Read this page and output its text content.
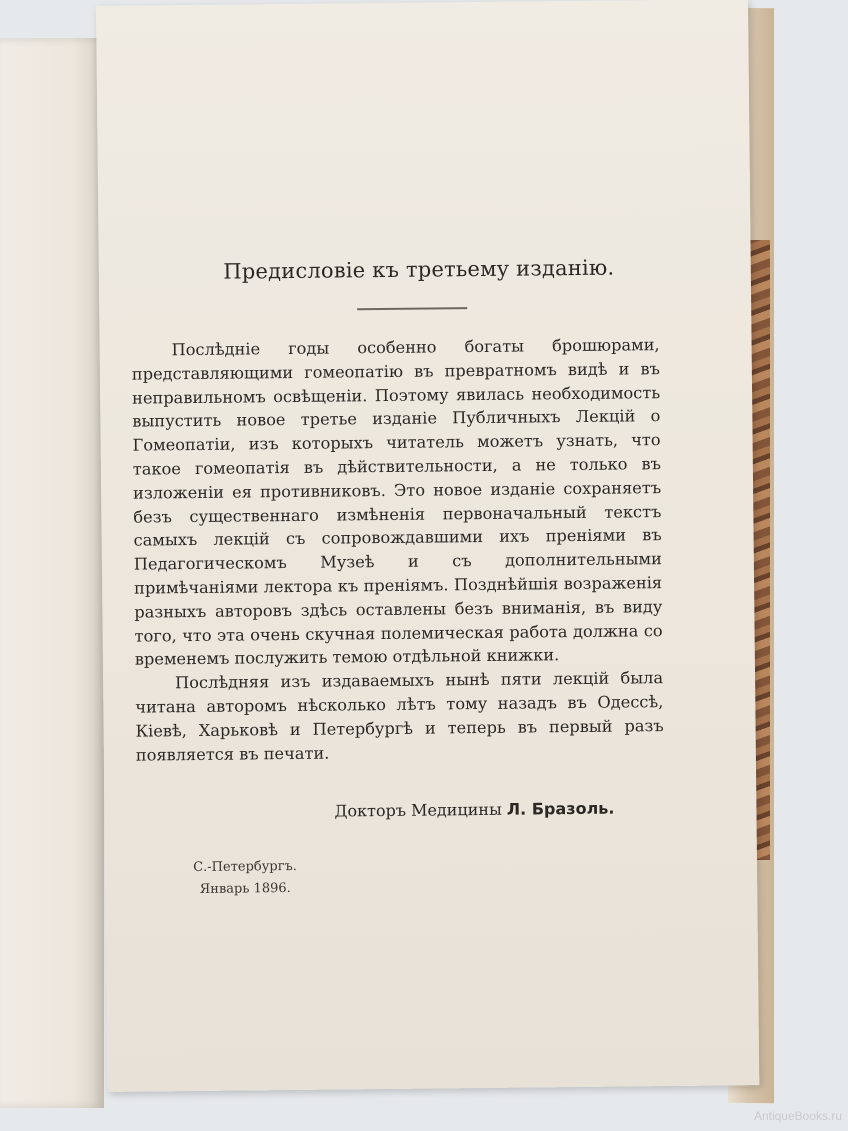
Предисловіе къ третьему изданію.

Послѣдніе годы особенно богаты брошюрами, представляющими гомеопатію въ превратномъ видѣ и въ неправильномъ освѣщеніи. Поэтому явилась необходимость выпустить новое третье изданіе Публичныхъ Лекцій о Гомеопатіи, изъ которыхъ читатель можетъ узнать, что такое гомеопатія въ дѣйствительности, а не только въ изложеніи ея противниковъ. Это новое изданіе сохраняетъ безъ существеннаго измѣненія первоначальный текстъ самыхъ лекцій съ сопровождавшими ихъ преніями въ Педагогическомъ Музеѣ и съ дополнительными примѣчаніями лектора къ преніямъ. Позднѣйшія возраженія разныхъ авторовъ здѣсь оставлены безъ вниманія, въ виду того, что эта очень скучная полемическая работа должна со временемъ послужить темою отдѣльной книжки.

Послѣдняя изъ издаваемыхъ нынѣ пяти лекцій была читана авторомъ нѣсколько лѣтъ тому назадъ въ Одессѣ, Кіевѣ, Харьковѣ и Петербургѣ и теперь въ первый разъ появляется въ печати.

Докторъ Медицины Л. Бразоль.
С.-Петербургъ.
Январь 1896.
AntiqueBooks.ru
